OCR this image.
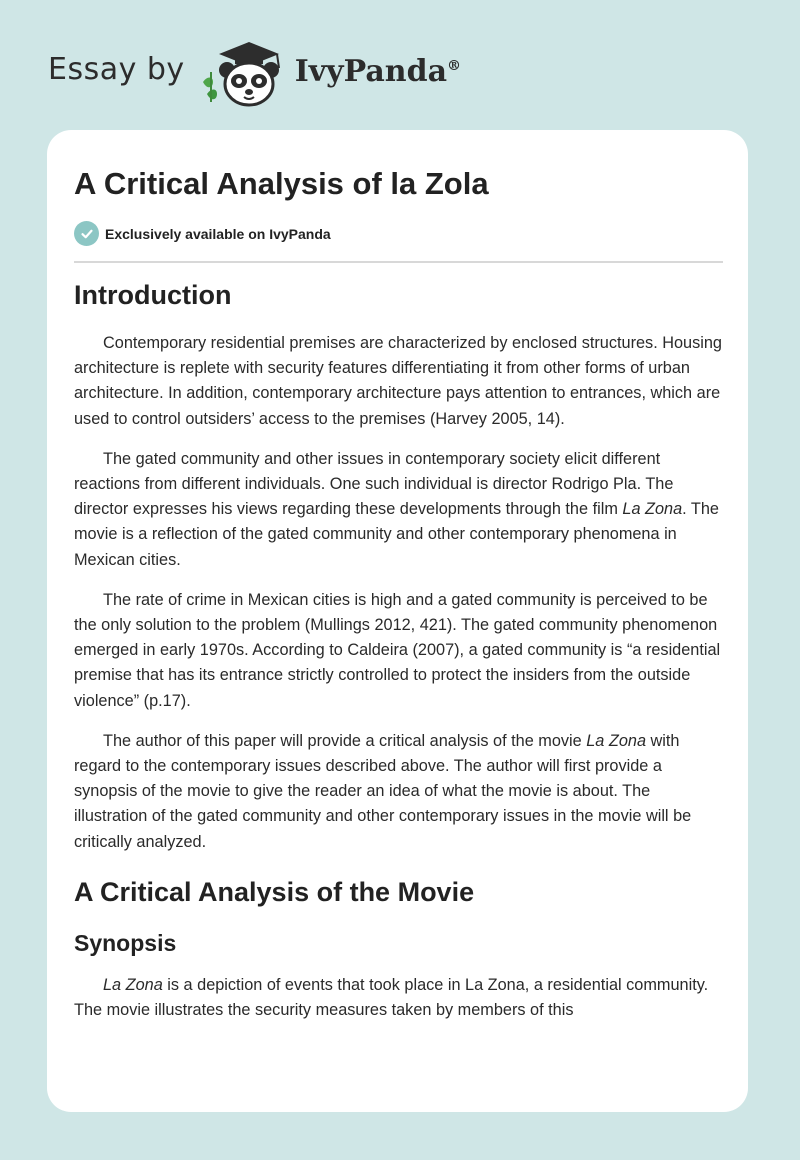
Essay by	IvyPanda®
A Critical Analysis of la Zola
Exclusively available on IvyPanda
Introduction

Contemporary residential premises are characterized by enclosed structures. Housing architecture is replete with security features differentiating it from other forms of urban architecture. In addition, contemporary architecture pays attention to entrances, which are used to control outsiders’ access to the premises (Harvey 2005, 14).

The gated community and other issues in contemporary society elicit different reactions from different individuals. One such individual is director Rodrigo Pla. The director expresses his views regarding these developments through the film La Zona. The movie is a reflection of the gated community and other contemporary phenomena in Mexican cities.

The rate of crime in Mexican cities is high and a gated community is perceived to be the only solution to the problem (Mullings 2012, 421). The gated community phenomenon emerged in early 1970s. According to Caldeira (2007), a gated community is “a residential premise that has its entrance strictly controlled to protect the insiders from the outside violence” (p.17).

The author of this paper will provide a critical analysis of the movie La Zona with regard to the contemporary issues described above. The author will first provide a synopsis of the movie to give the reader an idea of what the movie is about. The illustration of the gated community and other contemporary issues in the movie will be critically analyzed.

A Critical Analysis of the Movie
Synopsis

La Zona is a depiction of events that took place in La Zona, a residential community. The movie illustrates the security measures taken by members of this
